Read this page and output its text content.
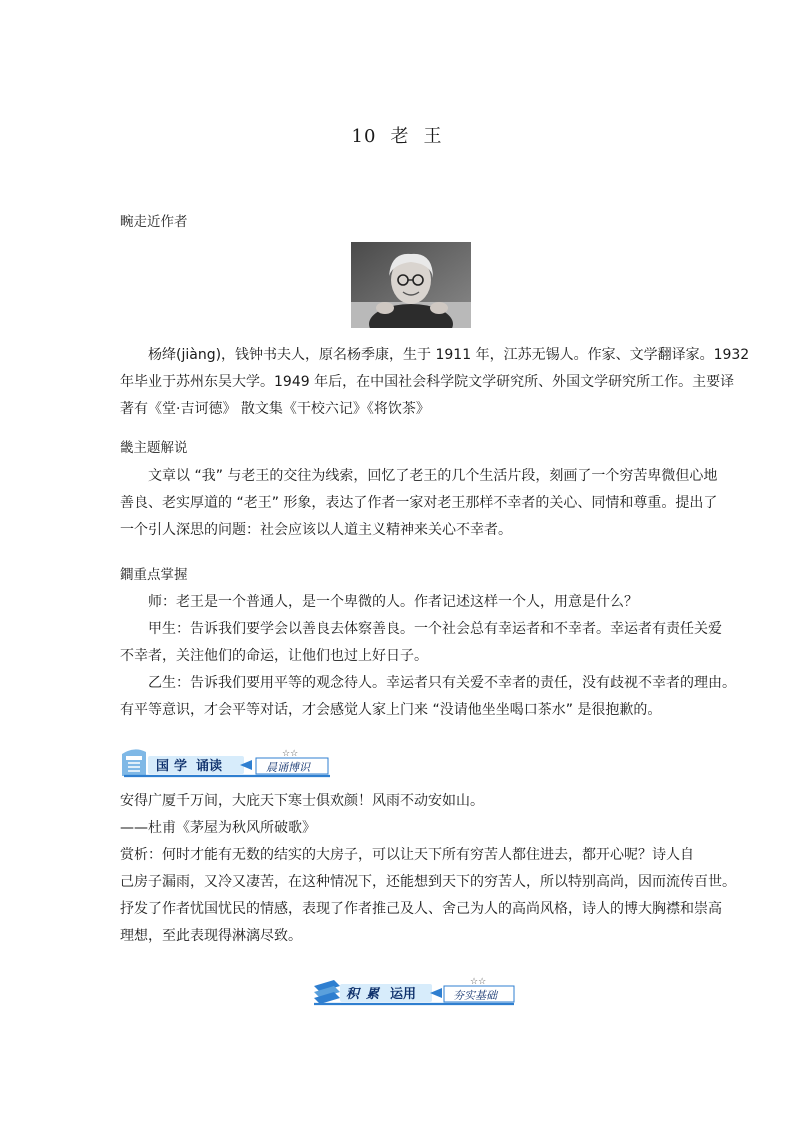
10 老 王
畹走近作者
杨绛(jiàng)，钱钟书夫人，原名杨季康，生于 1911 年，江苏无锡人。作家、文学翻译家。1932
年毕业于苏州东吴大学。1949 年后，在中国社会科学院文学研究所、外国文学研究所工作。主要译
著有《堂·吉诃德》 散文集《干校六记》《将饮茶》
畿主题解说
文章以 “我” 与老王的交往为线索，回忆了老王的几个生活片段，刻画了一个穷苦卑微但心地
善良、老实厚道的 “老王” 形象，表达了作者一家对老王那样不幸者的关心、同情和尊重。提出了
一个引人深思的问题：社会应该以人道主义精神来关心不幸者。
鐧重点掌握
师：老王是一个普通人，是一个卑微的人。作者记述这样一个人，用意是什么？
甲生：告诉我们要学会以善良去体察善良。一个社会总有幸运者和不幸者。幸运者有责任关爱
不幸者，关注他们的命运，让他们也过上好日子。
乙生：告诉我们要用平等的观念待人。幸运者只有关爱不幸者的责任，没有歧视不幸者的理由。
有平等意识，才会平等对话，才会感觉人家上门来 “没请他坐坐喝口茶水” 是很抱歉的。
国 学 诵读	晨诵博识
☆☆
安得广厦千万间，大庇天下寒士俱欢颜！风雨不动安如山。
——杜甫《茅屋为秋风所破歌》
赏析：何时才能有无数的结实的大房子，可以让天下所有穷苦人都住进去，都开心呢？诗人自
己房子漏雨，又冷又凄苦，在这种情况下，还能想到天下的穷苦人，所以特别高尚，因而流传百世。
抒发了作者忧国忧民的情感，表现了作者推己及人、舍己为人的高尚风格，诗人的博大胸襟和崇高
理想，至此表现得淋漓尽致。
积 累 运用	夯实基础
☆☆
